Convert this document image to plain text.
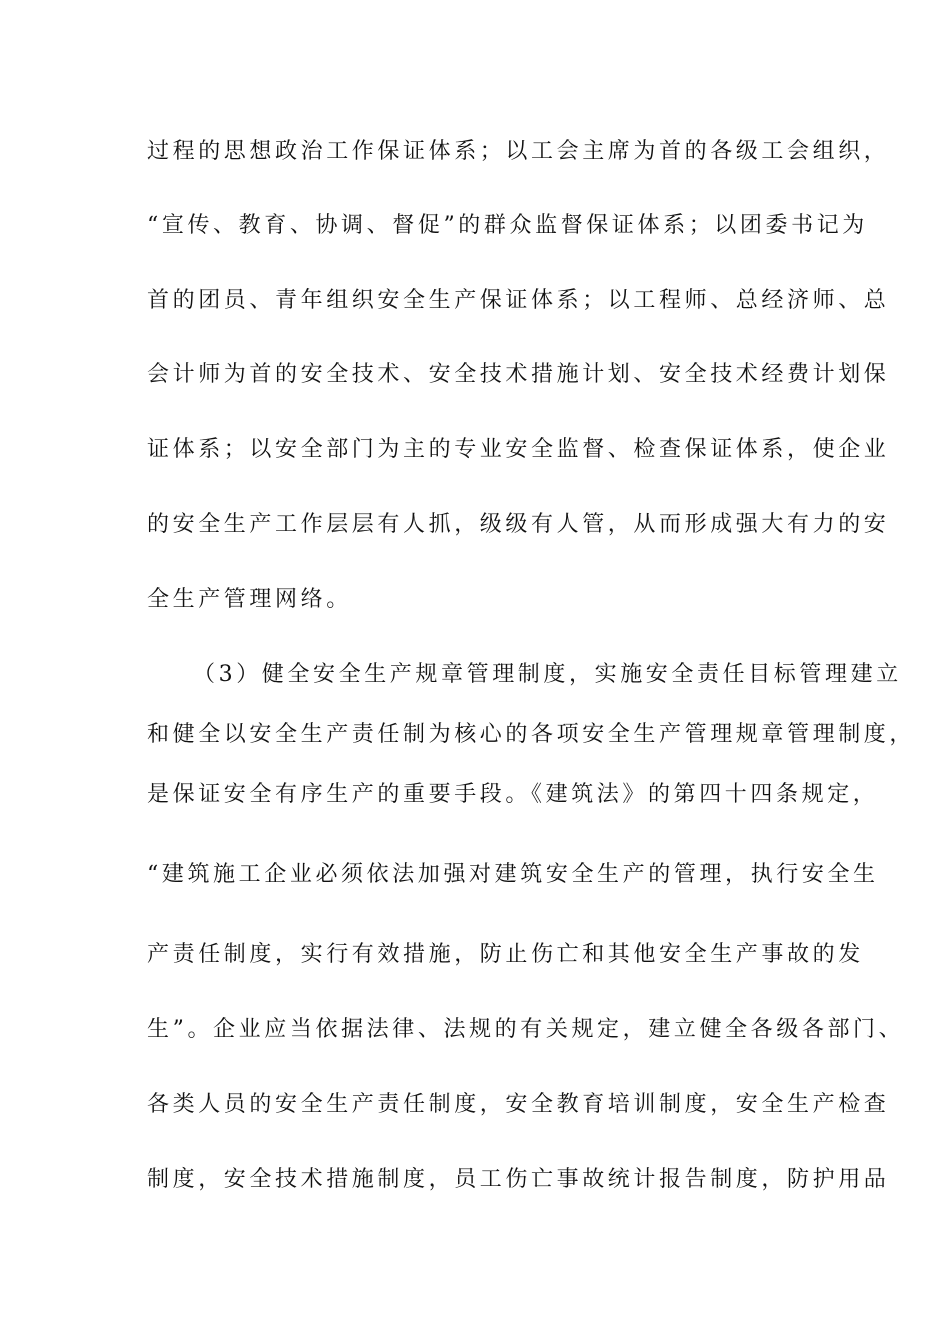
过程的思想政治工作保证体系；以工会主席为首的各级工会组织，
“宣传、教育、协调、督促”的群众监督保证体系；以团委书记为
首的团员、青年组织安全生产保证体系；以工程师、总经济师、总
会计师为首的安全技术、安全技术措施计划、安全技术经费计划保
证体系；以安全部门为主的专业安全监督、检查保证体系，使企业
的安全生产工作层层有人抓，级级有人管，从而形成强大有力的安
全生产管理网络。
（3）健全安全生产规章管理制度，实施安全责任目标管理建立
和健全以安全生产责任制为核心的各项安全生产管理规章管理制度，
是保证安全有序生产的重要手段。《建筑法》的第四十四条规定，
“建筑施工企业必须依法加强对建筑安全生产的管理，执行安全生
产责任制度，实行有效措施，防止伤亡和其他安全生产事故的发
生”。企业应当依据法律、法规的有关规定，建立健全各级各部门、
各类人员的安全生产责任制度，安全教育培训制度，安全生产检查
制度，安全技术措施制度，员工伤亡事故统计报告制度，防护用品
